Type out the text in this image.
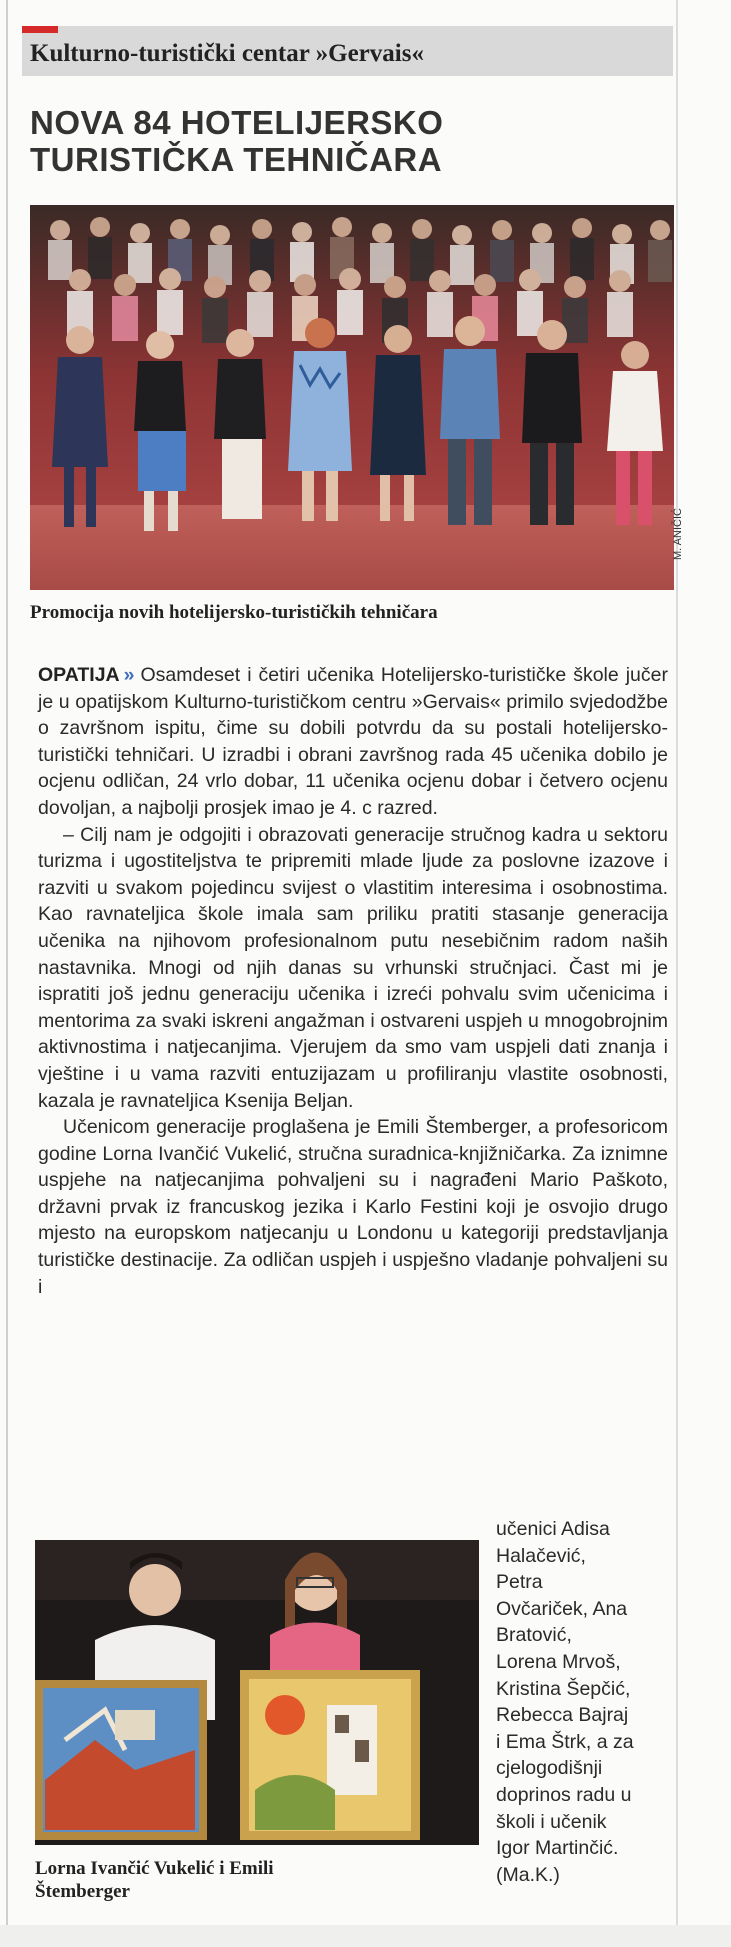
Kulturno-turistički centar »Gervais«
NOVA 84 HOTELIJERSKO
TURISTIČKA TEHNIČARA
M. ANIČIĆ
Promocija novih hotelijersko-turističkih tehničara

OPATIJA » Osamdeset i četiri učenika Hotelijersko-turističke škole jučer je u opatijskom Kulturno-turističkom centru »Gervais« primilo svjedodžbe o završnom ispitu, čime su dobili potvrdu da su postali hotelijersko-turistički tehničari. U izradbi i obrani završnog rada 45 učenika dobilo je ocjenu odličan, 24 vrlo dobar, 11 učenika ocjenu dobar i četvero ocjenu dovoljan, a najbolji prosjek imao je 4. c razred.

– Cilj nam je odgojiti i obrazovati generacije stručnog kadra u sektoru turizma i ugostiteljstva te pripremiti mlade ljude za poslovne izazove i razviti u svakom pojedincu svijest o vlastitim interesima i osobnostima. Kao ravnateljica škole imala sam priliku pratiti stasanje generacija učenika na njihovom profesionalnom putu nesebičnim radom naših nastavnika. Mnogi od njih danas su vrhunski stručnjaci. Čast mi je ispratiti još jednu generaciju učenika i izreći pohvalu svim učenicima i mentorima za svaki iskreni angažman i ostvareni uspjeh u mnogobrojnim aktivnostima i natjecanjima. Vjerujem da smo vam uspjeli dati znanja i vještine i u vama razviti entuzijazam u profiliranju vlastite osobnosti, kazala je ravnateljica Ksenija Beljan.

Učenicom generacije proglašena je Emili Štemberger, a profesoricom godine Lorna Ivančić Vukelić, stručna suradnica-knjižničarka. Za iznimne uspjehe na natjecanjima pohvaljeni su i nagrađeni Mario Paškoto, državni prvak iz francuskog jezika i Karlo Festini koji je osvojio drugo mjesto na europskom natjecanju u Londonu u kategoriji predstavljanja turističke destinacije. Za odličan uspjeh i uspješno vladanje pohvaljeni su i

učenici Adisa
Halačević,
Petra
Ovčariček, Ana
Bratović,
Lorena Mrvoš,
Kristina Šepčić,
Rebecca Bajraj
i Ema Štrk, a za
cjelogodišnji
doprinos radu u
školi i učenik
Igor Martinčić.
(Ma.K.)
Lorna Ivančić Vukelić i Emili
Štemberger
